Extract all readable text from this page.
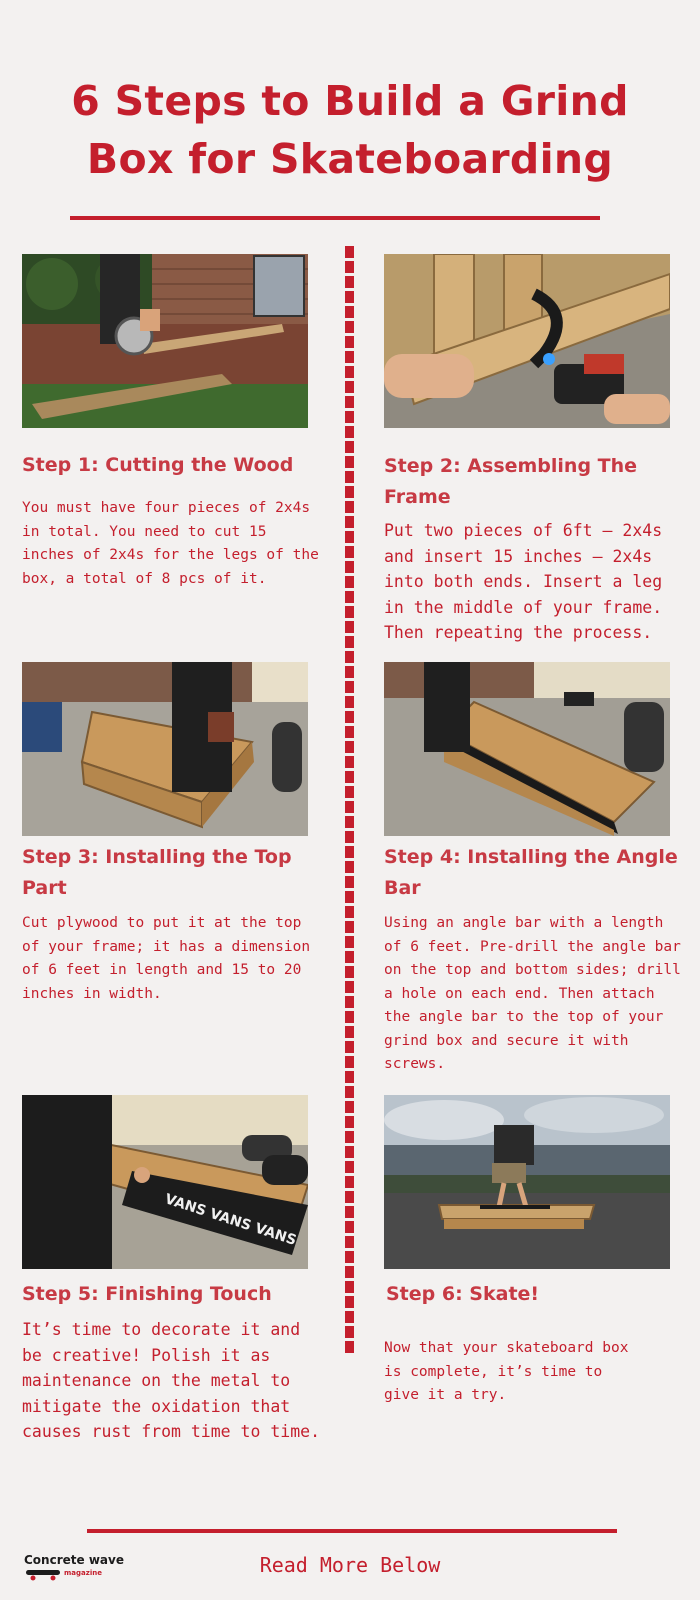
6 Steps to Build a Grind
Box for Skateboarding
Step 1: Cutting the Wood
You must have four pieces of 2x4s in total. You need to cut 15 inches of 2x4s for the legs of the box, a total of 8 pcs of it.
Step 2: Assembling The Frame
Put two pieces of 6ft – 2x4s and insert 15 inches – 2x4s into both ends. Insert a leg in the middle of your frame. Then repeating the process.
Step 3: Installing the Top Part
Cut plywood to put it at the top of your frame; it has a dimension of 6 feet in length and 15 to 20 inches in width.
Step 4: Installing the Angle Bar
Using an angle bar with a length of 6 feet. Pre-drill the angle bar on the top and bottom sides; drill a hole on each end. Then attach the angle bar to the top of your grind box and secure it with screws.
VANS VANS VANS
Step 5: Finishing Touch
It’s time to decorate it and be creative! Polish it as maintenance on the metal to mitigate the oxidation that causes rust from time to time.
Step 6: Skate!
Now that your skateboard box is complete, it’s time to give it a try.
Concrete wave
magazine	Read More Below
